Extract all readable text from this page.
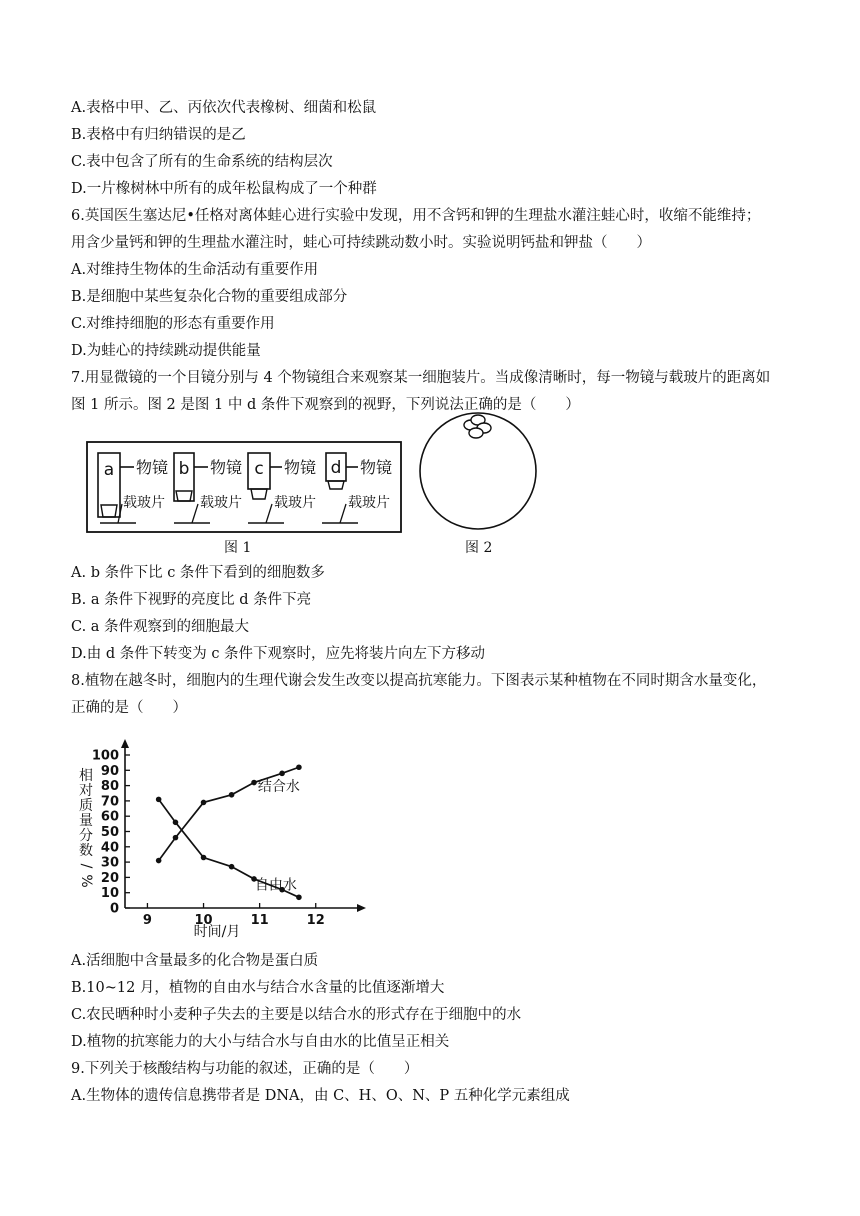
A.表格中甲、乙、丙依次代表橡树、细菌和松鼠
B.表格中有归纳错误的是乙
C.表中包含了所有的生命系统的结构层次
D.一片橡树林中所有的成年松鼠构成了一个种群
6.英国医生塞达尼•任格对离体蛙心进行实验中发现，用不含钙和钾的生理盐水灌注蛙心时，收缩不能维持；
用含少量钙和钾的生理盐水灌注时，蛙心可持续跳动数小时。实验说明钙盐和钾盐（　　）
A.对维持生物体的生命活动有重要作用
B.是细胞中某些复杂化合物的重要组成部分
C.对维持细胞的形态有重要作用
D.为蛙心的持续跳动提供能量
7.用显微镜的一个目镜分别与 4 个物镜组合来观察某一细胞装片。当成像清晰时，每一物镜与载玻片的距离如
图 1 所示。图 2 是图 1 中 d 条件下观察到的视野，下列说法正确的是（　　）
a 物镜
载玻片
b 物镜
载玻片
c 物镜
载玻片
d 物镜
载玻片
图 1	图 2
A. b 条件下比 c 条件下看到的细胞数多
B. a 条件下视野的亮度比 d 条件下亮
C. a 条件观察到的细胞最大
D.由 d 条件下转变为 c 条件下观察时，应先将装片向左下方移动
8.植物在越冬时，细胞内的生理代谢会发生改变以提高抗寒能力。下图表示某种植物在不同时期含水量变化，
正确的是（　　）
相
对
质
量
分
数
/
%
0
10
20
30
40
50
60
70
80
90
100
9	10	11	12
结合水
自由水
时间/月
A.活细胞中含量最多的化合物是蛋白质
B.10~12 月，植物的自由水与结合水含量的比值逐渐增大
C.农民晒种时小麦种子失去的主要是以结合水的形式存在于细胞中的水
D.植物的抗寒能力的大小与结合水与自由水的比值呈正相关
9.下列关于核酸结构与功能的叙述，正确的是（　　）
A.生物体的遗传信息携带者是 DNA，由 C、H、O、N、P 五种化学元素组成
